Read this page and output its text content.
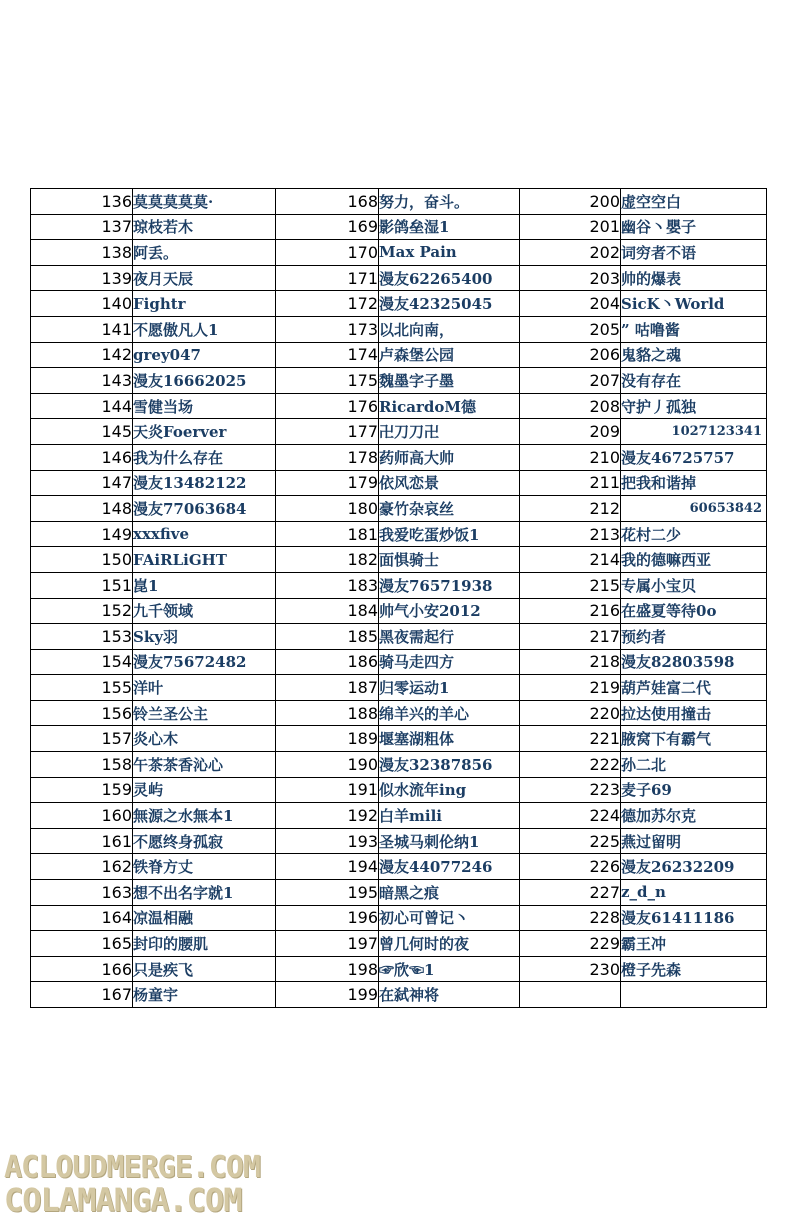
136	莫莫莫莫莫·	168	努力，奋斗。	200	虚空空白
137	琼枝若木	169	影鸽垒湿1	201	幽谷丶嬰子
138	阿丢。	170	Max Pain	202	词穷者不语
139	夜月天辰	171	漫友62265400	203	帅的爆表
140	Fightr	172	漫友42325045	204	SicK丶World
141	不愿傲凡人1	173	以北向南，	205	” 咕噜酱
142	grey047	174	卢森堡公园	206	鬼貉之魂
143	漫友16662025	175	魏墨字子墨	207	没有存在
144	雪健当场	176	RicardoM德	208	守护丿孤独
145	天炎Foerver	177	卍刀刀卍	209	1027123341
146	我为什么存在	178	药师高大帅	210	漫友46725757
147	漫友13482122	179	依风恋景	211	把我和谐掉
148	漫友77063684	180	豪竹杂哀丝	212	60653842
149	xxxfive	181	我爱吃蛋炒饭1	213	花村二少
150	FAiRLiGHT	182	面惧骑士	214	我的德嘛西亚
151	崑1	183	漫友76571938	215	专属小宝贝
152	九千领域	184	帅气小安2012	216	在盛夏等待0o
153	Sky羽	185	黑夜需起行	217	预约者
154	漫友75672482	186	骑马走四方	218	漫友82803598
155	洋叶	187	归零运动1	219	葫芦娃富二代
156	铃兰圣公主	188	绵羊兴的羊心	220	拉达使用撞击
157	炎心木	189	堰塞湖粗体	221	腋窝下有霸气
158	午茶茶香沁心	190	漫友32387856	222	孙二北
159	灵屿	191	似水流年ing	223	麦子69
160	無源之水無本1	192	白羊mili	224	德加苏尔克
161	不愿终身孤寂	193	圣城马刺伦纳1	225	燕过留明
162	铁脊方丈	194	漫友44077246	226	漫友26232209
163	想不出名字就1	195	暗黑之痕	227	z_d_n
164	凉温相融	196	初心可曾记丶	228	漫友61411186
165	封印的腰肌	197	曾几何时的夜	229	霸王冲
166	只是疾飞	198	☞欣☜1	230	橙子先森
167	杨童宇	199	在弑神将		
ACLOUDMERGE.COM
COLAMANGA.COM
